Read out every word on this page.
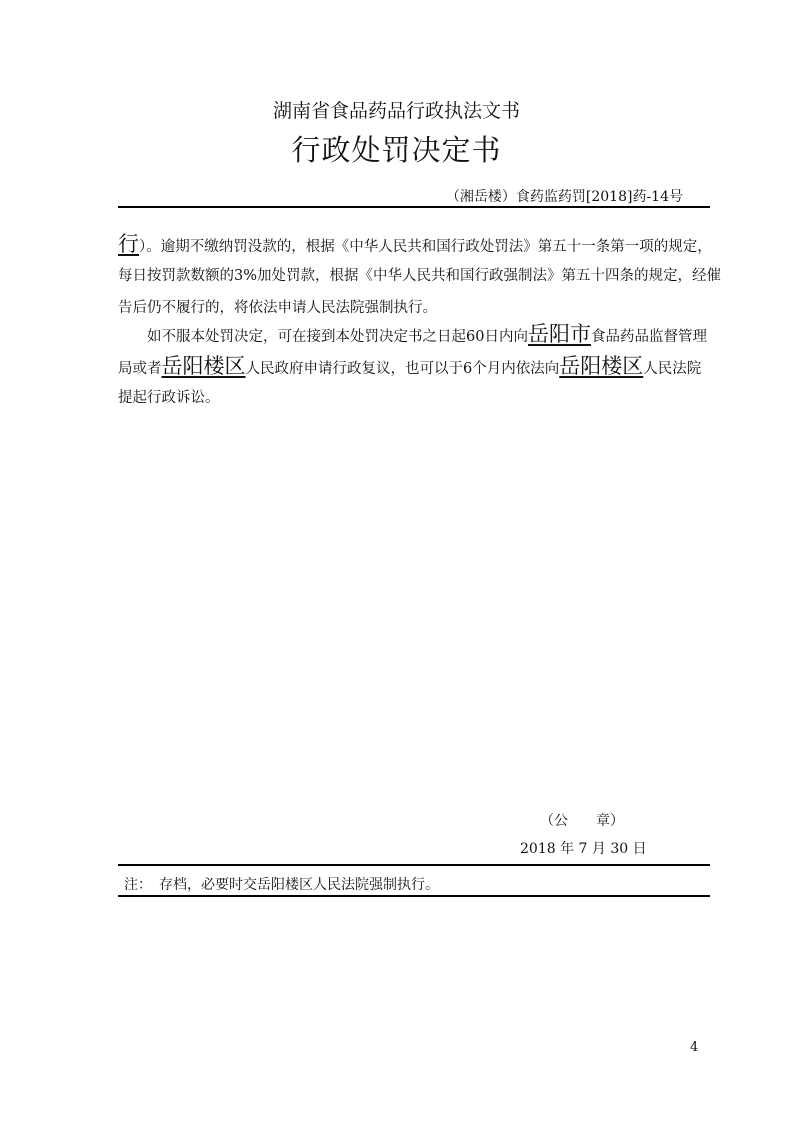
湖南省食品药品行政执法文书
行政处罚决定书
（湘岳楼）食药监药罚[2018]药-14号
行）。逾期不缴纳罚没款的，根据《中华人民共和国行政处罚法》第五十一条第一项的规定，
每日按罚款数额的3%加处罚款，根据《中华人民共和国行政强制法》第五十四条的规定，经催
告后仍不履行的，将依法申请人民法院强制执行。
如不服本处罚决定，可在接到本处罚决定书之日起60日内向岳阳市食品药品监督管理
局或者岳阳楼区人民政府申请行政复议，也可以于6个月内依法向岳阳楼区人民法院
提起行政诉讼。
（公　　章）
2018 年 7 月 30 日
注：　存档，必要时交岳阳楼区人民法院强制执行。
4
